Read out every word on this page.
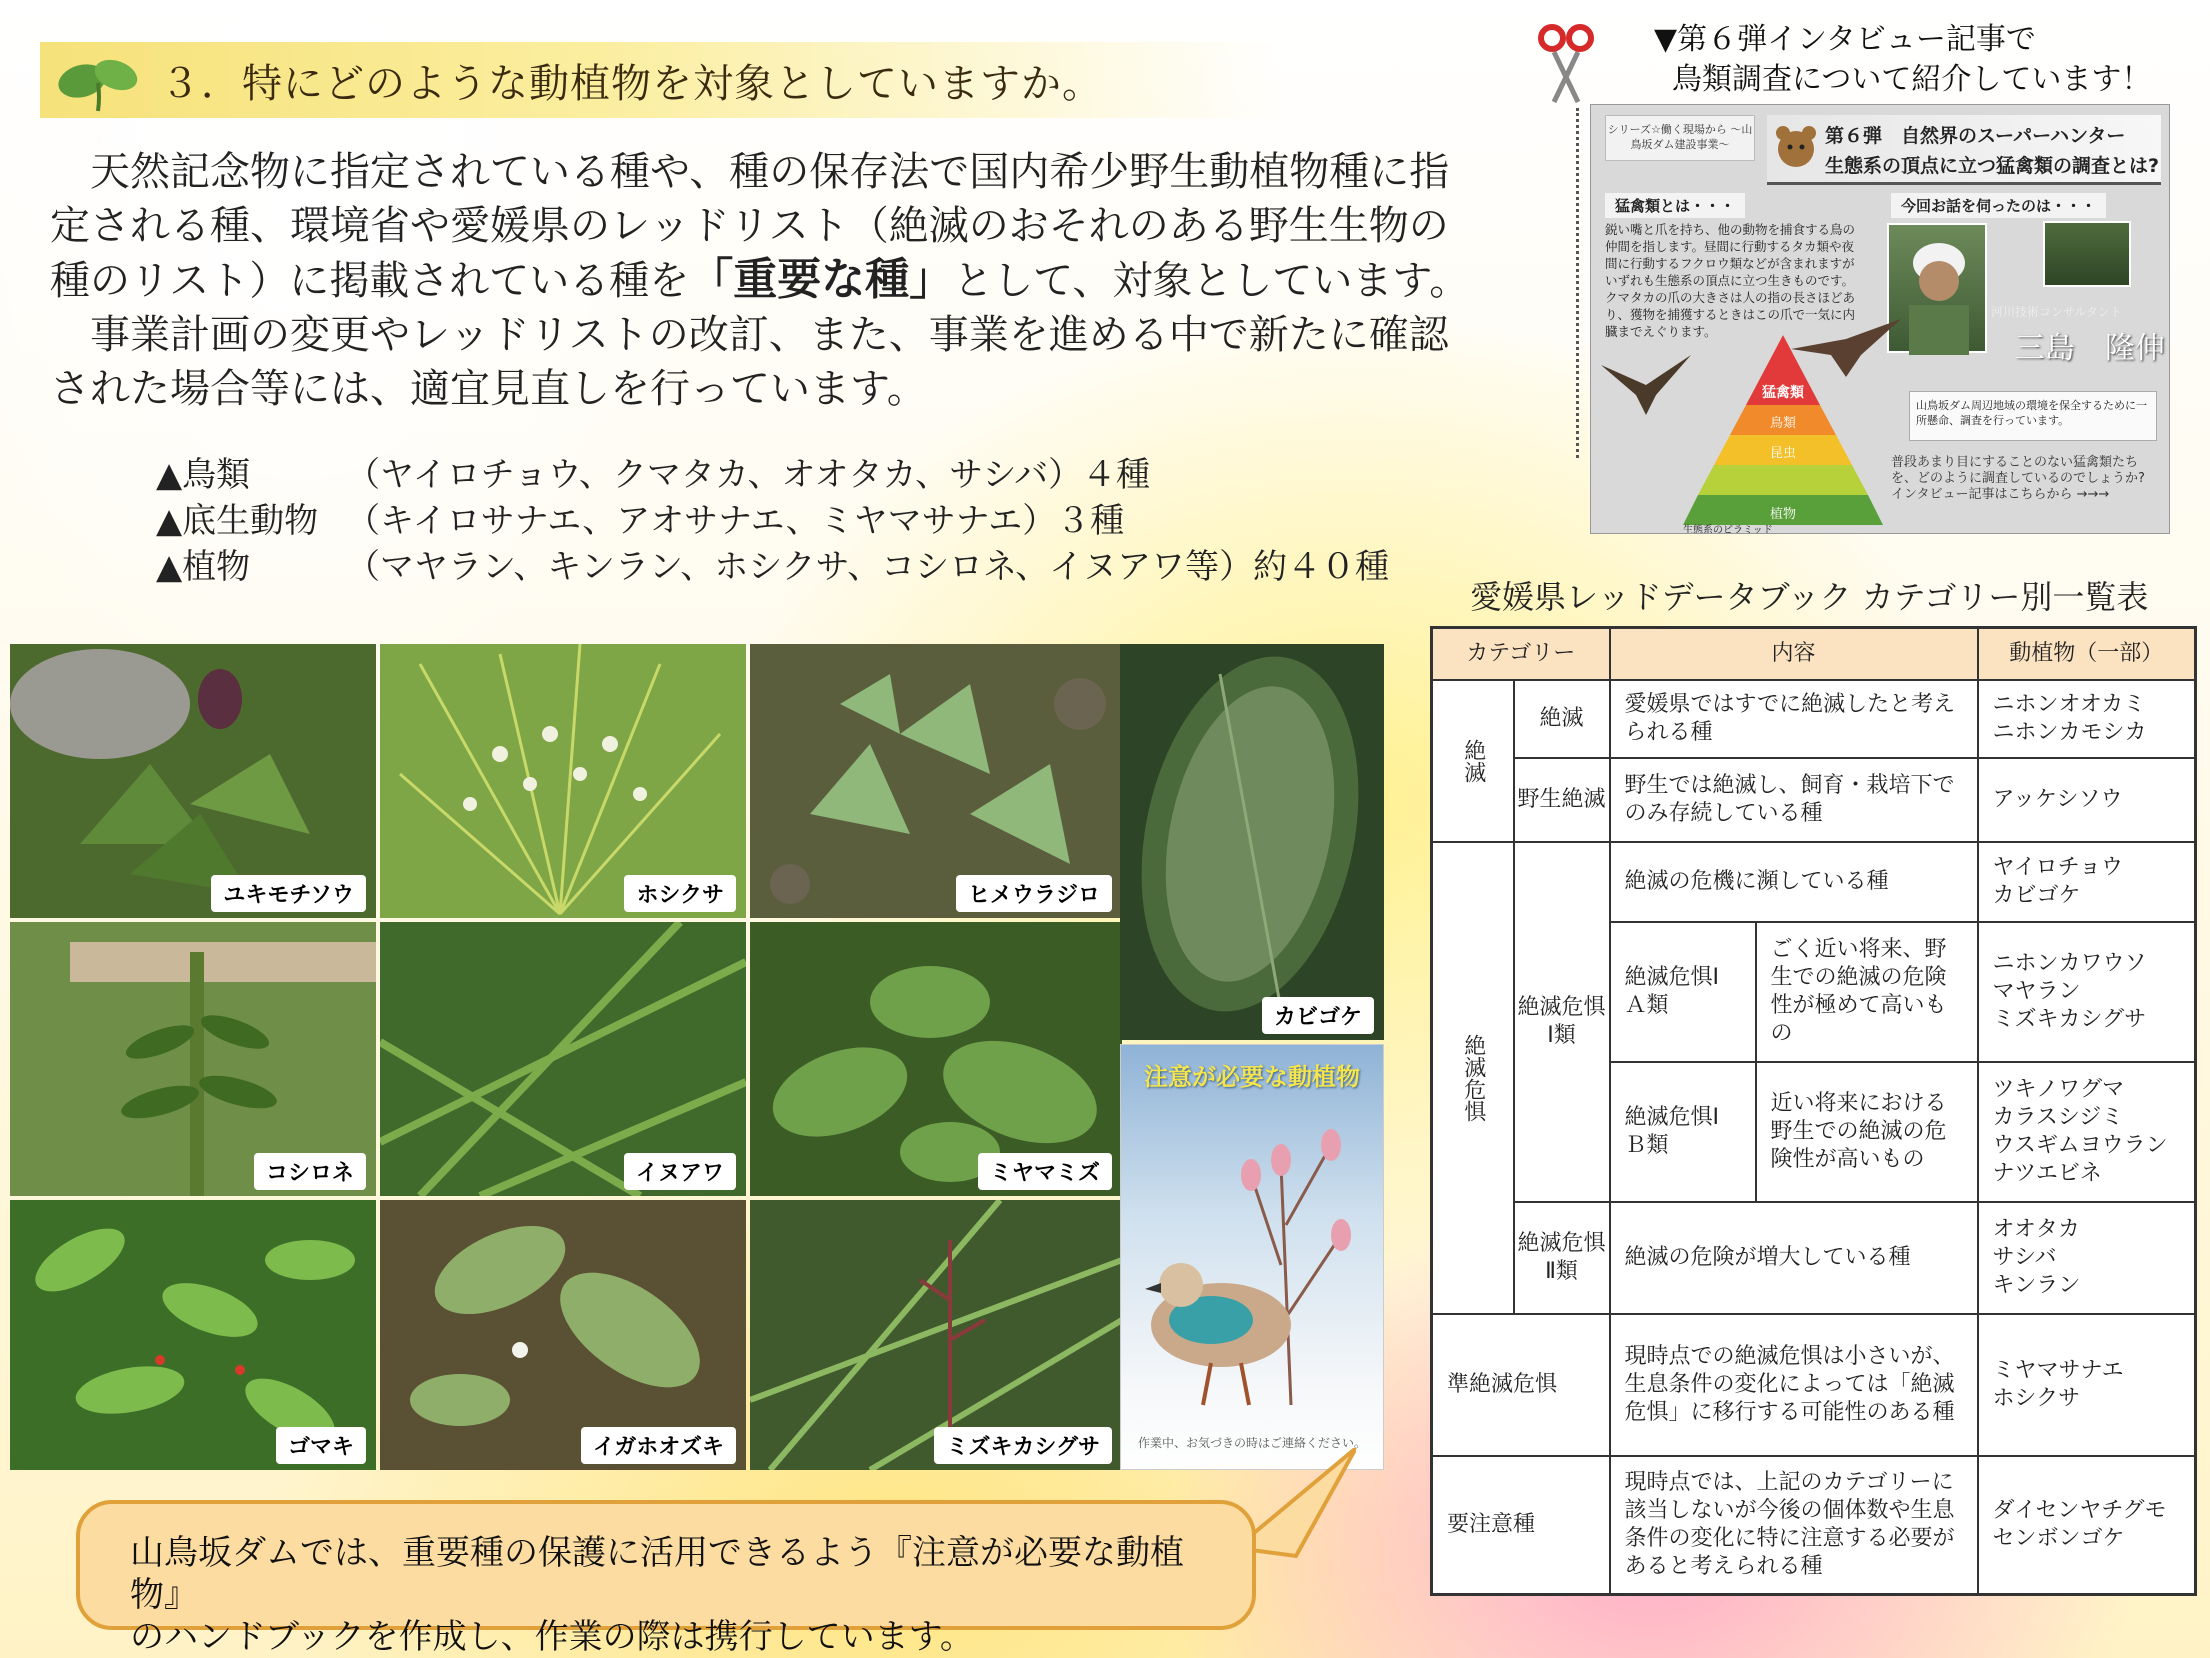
３．特にどのような動植物を対象としていますか。

天然記念物に指定されている種や、種の保存法で国内希少野生動植物種に指定される種、環境省や愛媛県のレッドリスト（絶滅のおそれのある野生生物の種のリスト）に掲載されている種を「重要な種」として、対象としています。

事業計画の変更やレッドリストの改訂、また、事業を進める中で新たに確認された場合等には、適宜見直しを行っています。

▲鳥類	（ヤイロチョウ、クマタカ、オオタカ、サシバ）４種
▲底生動物 （キイロサナエ、アオサナエ、ミヤマサナエ）３種
▲植物	（マヤラン、キンラン、ホシクサ、コシロネ、イヌアワ等）約４０種
ユキモチソウ	ホシクサ	ヒメウラジロ
コシロネ	イヌアワ	ミヤマミズ
ゴマキ	イガホオズキ	ミズキカシグサ
カビゴケ
注意が必要な動植物
作業中、お気づきの時はご連絡ください。
山鳥坂ダムでは、重要種の保護に活用できるよう『注意が必要な動植物』
のハンドブックを作成し、作業の際は携行しています。
▼第６弾インタビュー記事で
鳥類調査について紹介しています！
シリーズ☆働く現場から ～山鳥坂ダム建設事業～	第６弾　自然界のスーパーハンター
生態系の頂点に立つ猛禽類の調査とは?
猛禽類とは・・・
鋭い嘴と爪を持ち、他の動物を捕食する鳥の仲間を指します。昼間に行動するタカ類や夜間に行動するフクロウ類などが含まれますがいずれも生態系の頂点に立つ生きものです。クマタカの爪の大きさは人の指の長さほどあり、獲物を捕獲するときはこの爪で一気に内臓までえぐります。
今回お話を伺ったのは・・・
河川技術コンサルタント
三島　隆伸
猛禽類
鳥類
昆虫
植物
生態系のピラミッド
山鳥坂ダム周辺地域の環境を保全するために一所懸命、調査を行っています。
普段あまり目にすることのない猛禽類たちを、どのように調査しているのでしょうか? インタビュー記事はこちらから →→→
愛媛県レッドデータブック カテゴリー別一覧表
カテゴリー		内容		動植物（一部）
絶滅	絶滅	愛媛県ではすでに絶滅したと考えられる種		ニホンオオカミ
ニホンカモシカ
	野生絶滅	野生では絶滅し、飼育・栽培下でのみ存続している種		アッケシソウ
絶滅危惧	絶滅危惧Ⅰ類	絶滅の危機に瀕している種		ヤイロチョウ
カビゴケ
		絶滅危惧ⅠＡ類	ごく近い将来、野生での絶滅の危険性が極めて高いもの	ニホンカワウソ
マヤラン
ミズキカシグサ
		絶滅危惧ⅠＢ類	近い将来における野生での絶滅の危険性が高いもの	ツキノワグマ
カラスシジミ
ウスギムヨウラン
ナツエビネ
	絶滅危惧Ⅱ類	絶滅の危険が増大している種		オオタカ
サシバ
キンラン
準絶滅危惧		現時点での絶滅危惧は小さいが、生息条件の変化によっては「絶滅危惧」に移行する可能性のある種		ミヤマサナエ
ホシクサ
要注意種		現時点では、上記のカテゴリーに該当しないが今後の個体数や生息条件の変化に特に注意する必要があると考えられる種		ダイセンヤチグモ
センボンゴケ
